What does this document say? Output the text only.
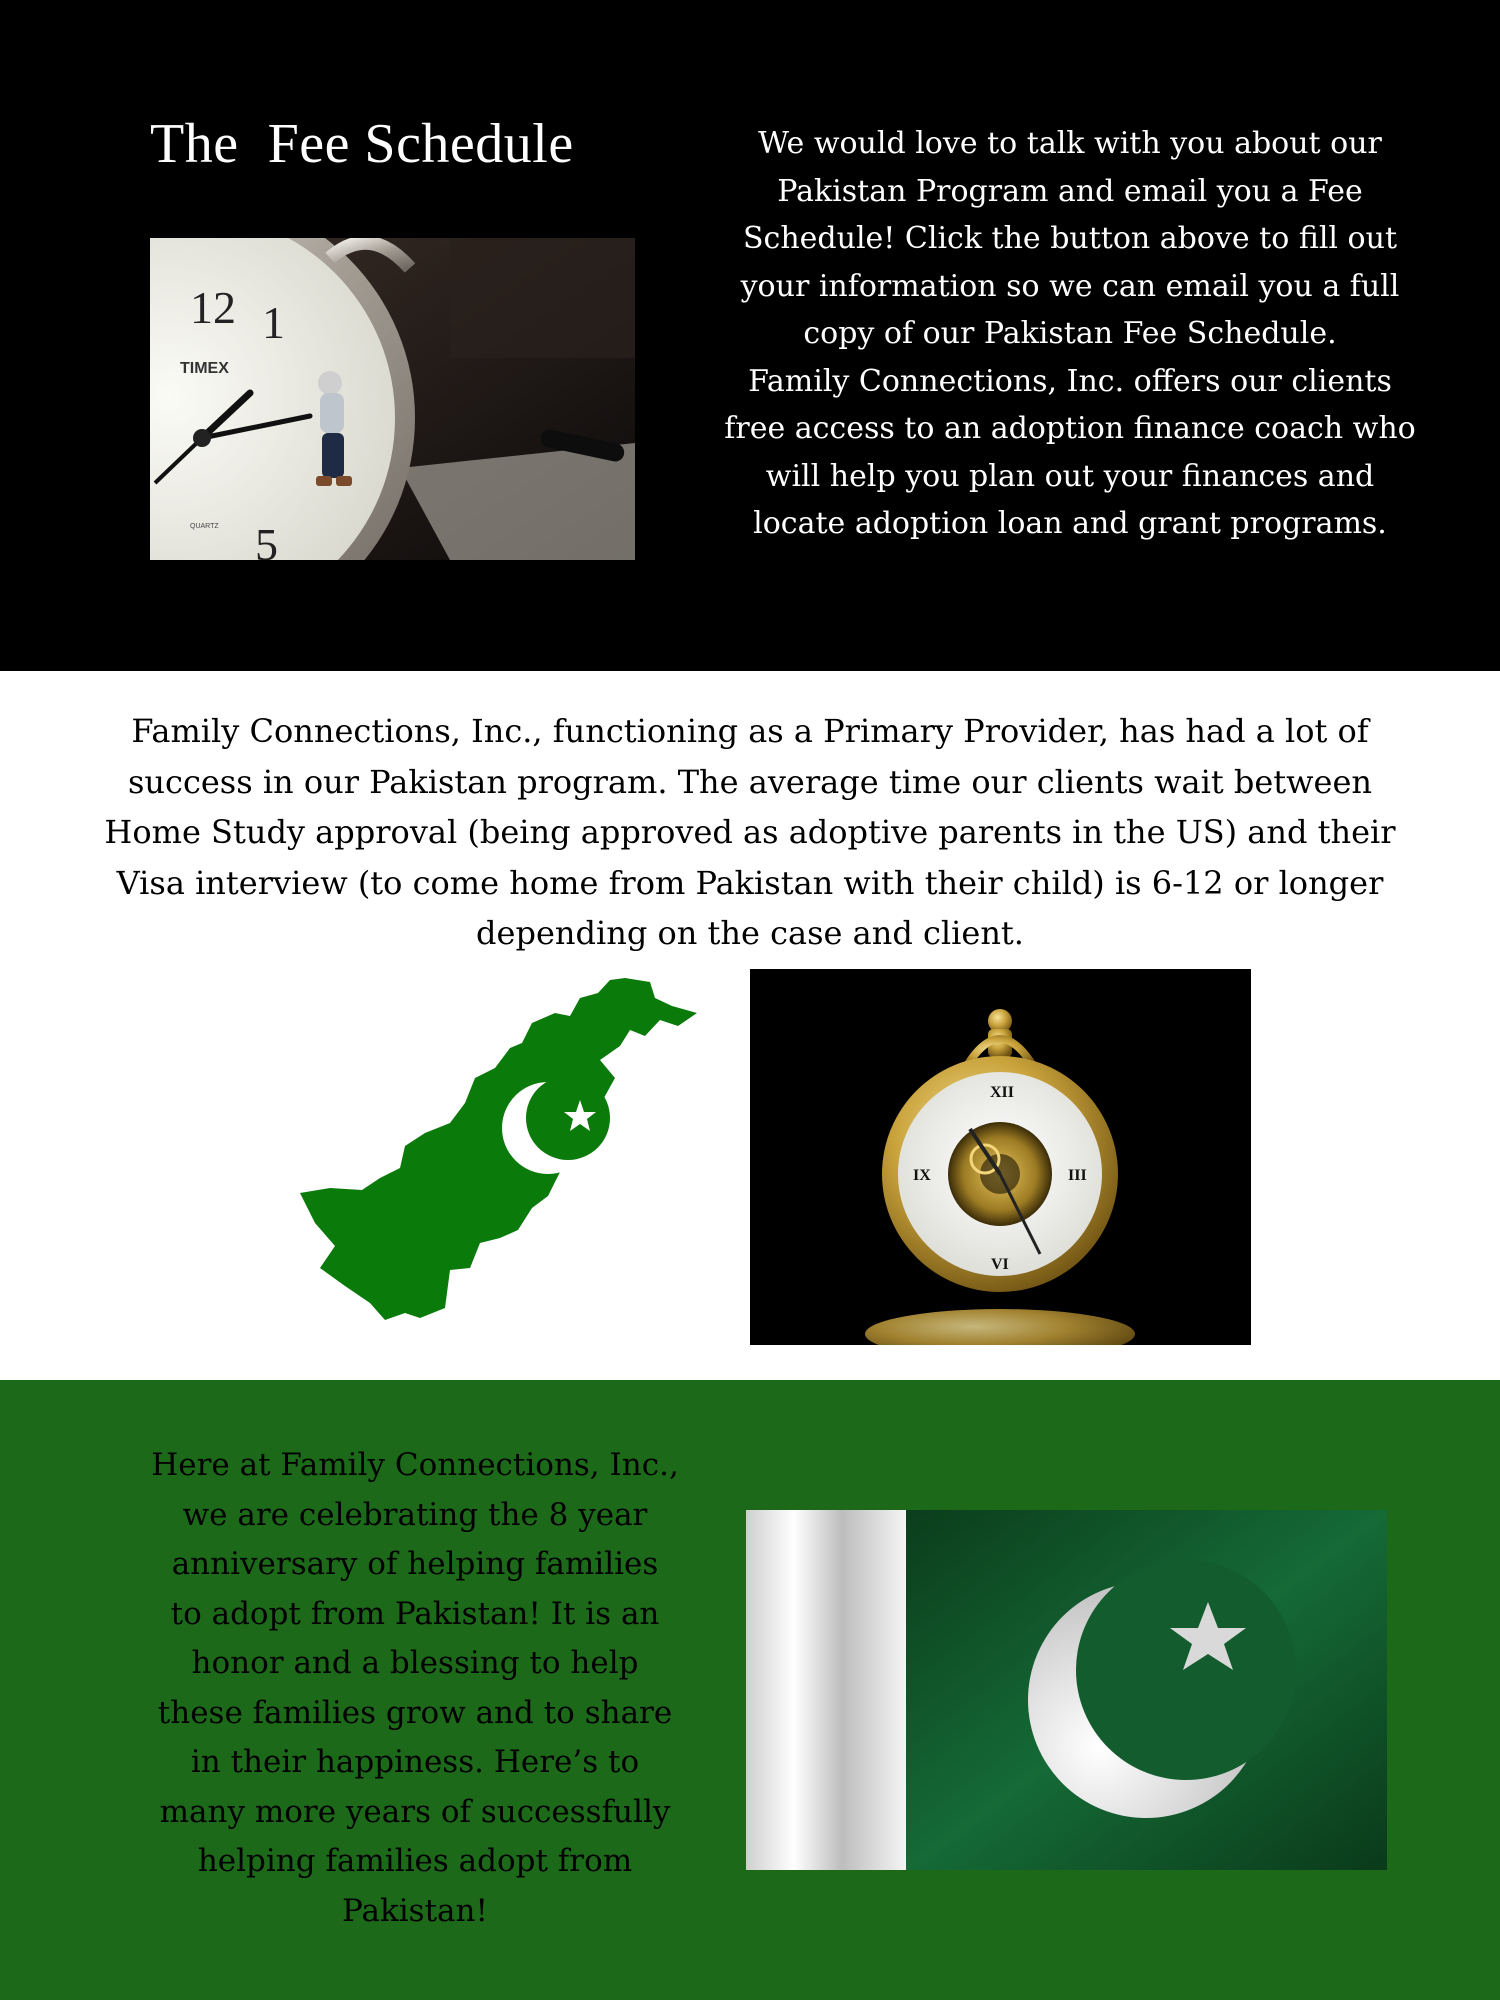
The  Fee Schedule
12 1
TIMEX
QUARTZ 5

We would love to talk with you about our
Pakistan Program and email you a Fee
Schedule! Click the button above to fill out
your information so we can email you a full
copy of our Pakistan Fee Schedule.
Family Connections, Inc. offers our clients
free access to an adoption finance coach who
will help you plan out your finances and
locate adoption loan and grant programs.

Family Connections, Inc., functioning as a Primary Provider, has had a lot of
success in our Pakistan program. The average time our clients wait between
Home Study approval (being approved as adoptive parents in the US) and their
Visa interview (to come home from Pakistan with their child) is 6-12 or longer
depending on the case and client.

XII
III
VI
IX

Here at Family Connections, Inc.,
we are celebrating the 8 year
anniversary of helping families
to adopt from Pakistan! It is an
honor and a blessing to help
these families grow and to share
in their happiness. Here’s to
many more years of successfully
helping families adopt from
Pakistan!
